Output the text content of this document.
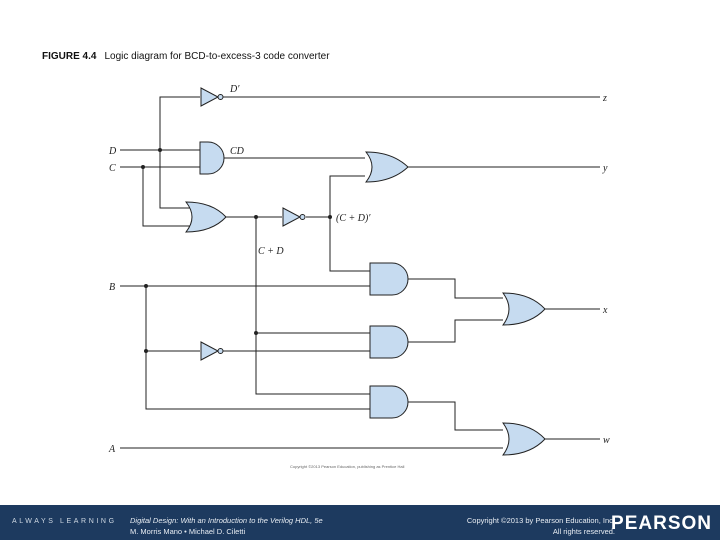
FIGURE 4.4 Logic diagram for BCD-to-excess-3 code converter
D
C
B
A
D′
CD
(C + D)′
C + D
z
y
x
w
Copyright ©2013 Pearson Education, publishing as Prentice Hall
ALWAYS LEARNING Digital Design: With an Introduction to the Verilog HDL, 5e
M. Morris Mano • Michael D. Ciletti
Copyright ©2013 by Pearson Education, Inc.
All rights reserved.
PEARSON
